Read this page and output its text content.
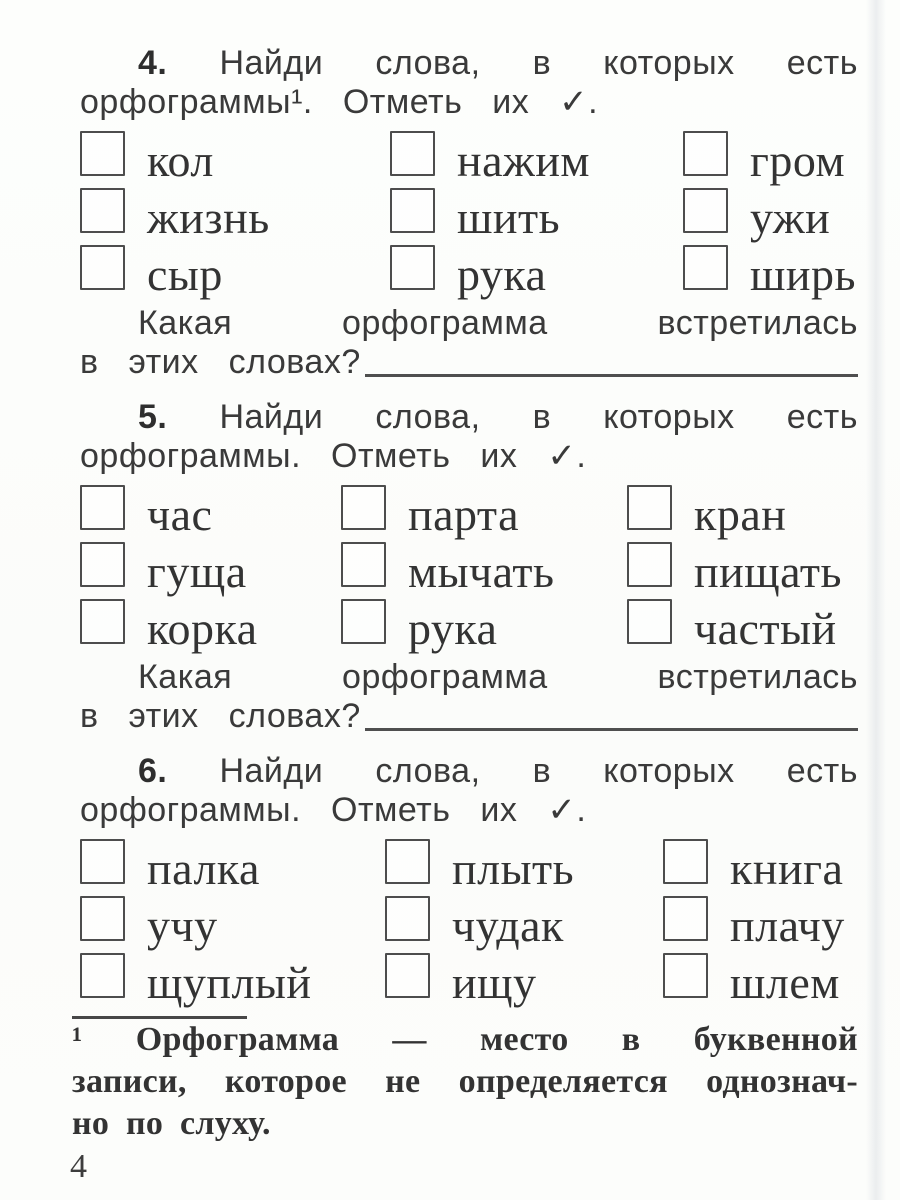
4. Найди слова, в которых есть
орфограммы¹. Отметь их ✓.
кол	нажим	гром
жизнь	шить	ужи
сыр	рука	ширь
Какая	орфограмма	встретилась
в этих словах?
5. Найди слова, в которых есть
орфограммы. Отметь их ✓.
час	парта	кран
гуща	мычать	пищать
корка	рука	частый
Какая	орфограмма	встретилась
в этих словах?
6. Найди слова, в которых есть
орфограммы. Отметь их ✓.
палка	плыть	книга
учу	чудак	плачу
щуплый	ищу	шлем
¹ Орфограмма — место в буквенной
записи, которое не определяется однознач-
но по слуху.
4
